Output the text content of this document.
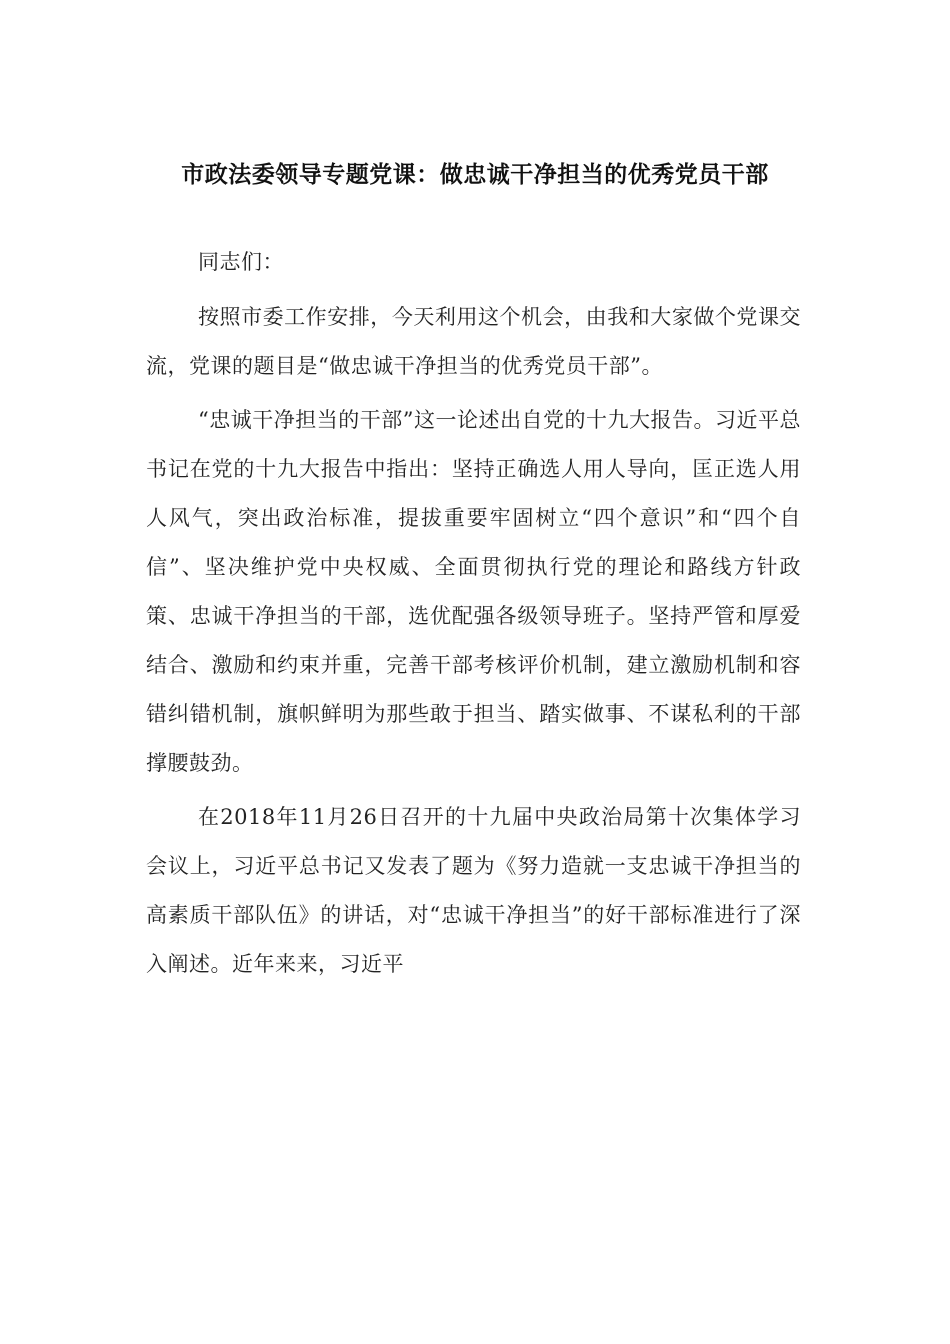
市政法委领导专题党课：做忠诚干净担当的优秀党员干部

同志们：

按照市委工作安排，今天利用这个机会，由我和大家做个党课交流，党课的题目是“做忠诚干净担当的优秀党员干部”。

“忠诚干净担当的干部”这一论述出自党的十九大报告。习近平总书记在党的十九大报告中指出：坚持正确选人用人导向，匡正选人用人风气，突出政治标准，提拔重要牢固树立“四个意识”和“四个自信”、坚决维护党中央权威、全面贯彻执行党的理论和路线方针政策、忠诚干净担当的干部，选优配强各级领导班子。坚持严管和厚爱结合、激励和约束并重，完善干部考核评价机制，建立激励机制和容错纠错机制，旗帜鲜明为那些敢于担当、踏实做事、不谋私利的干部撑腰鼓劲。

在2018年11月26日召开的十九届中央政治局第十次集体学习会议上，习近平总书记又发表了题为《努力造就一支忠诚干净担当的高素质干部队伍》的讲话，对“忠诚干净担当”的好干部标准进行了深入阐述。近年来来，习近平
